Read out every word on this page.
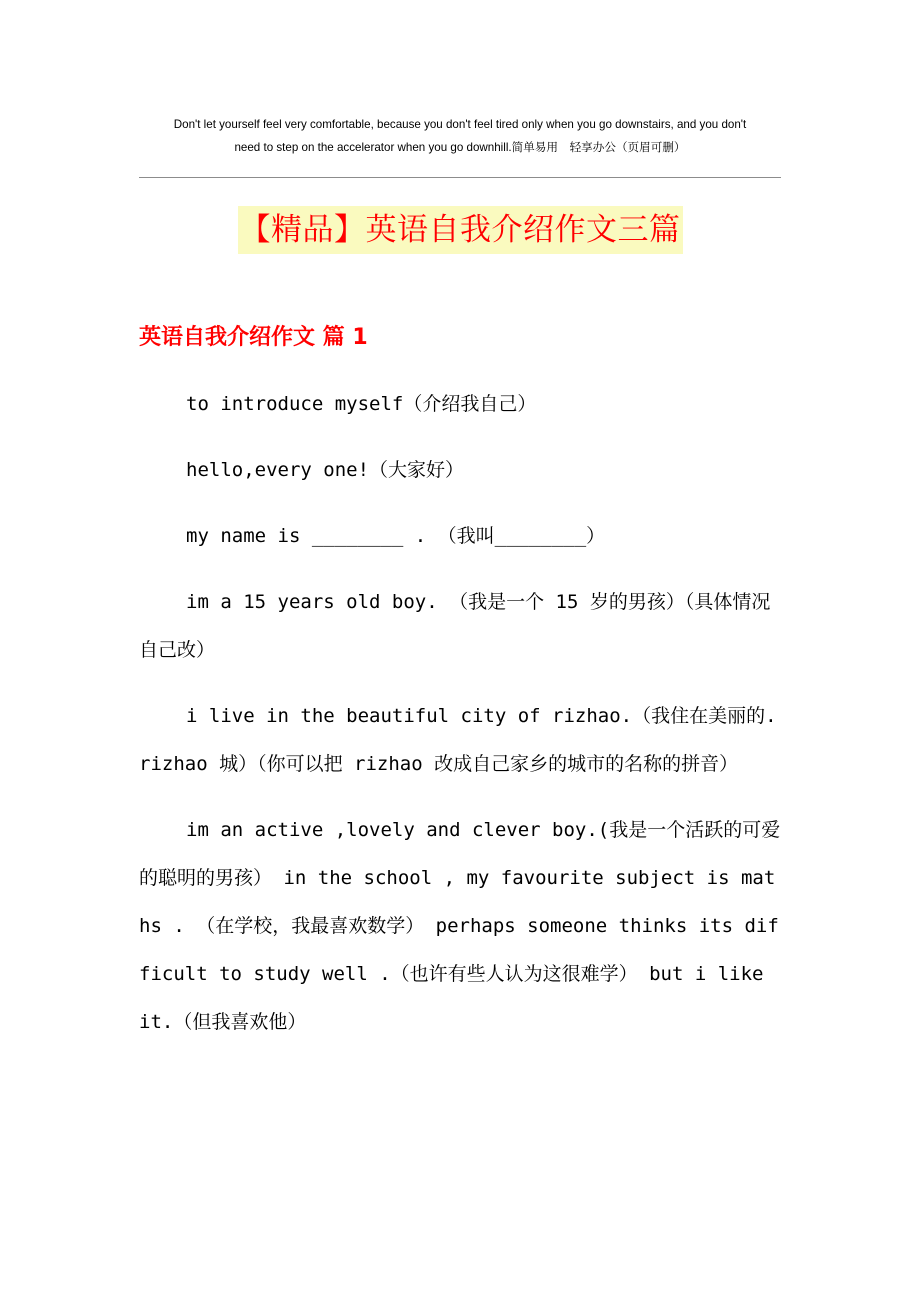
Don't let yourself feel very comfortable, because you don't feel tired only when you go downstairs, and you don't
need to step on the accelerator when you go downhill.简单易用　轻享办公（页眉可删）
【精品】英语自我介绍作文三篇
英语自我介绍作文 篇 1

to introduce myself（介绍我自己）

hello,every one!（大家好）

my name is ________ . （我叫________）

im a 15 years old boy. （我是一个 15 岁的男孩）（具体情况自己改）

i live in the beautiful city of rizhao.（我住在美丽的.rizhao 城）（你可以把 rizhao 改成自己家乡的城市的名称的拼音）

im an active ,lovely and clever boy.(我是一个活跃的可爱的聪明的男孩） in the school , my favourite subject is maths . （在学校，我最喜欢数学） perhaps someone thinks its difficult to study well .（也许有些人认为这很难学） but i like it.（但我喜欢他）
